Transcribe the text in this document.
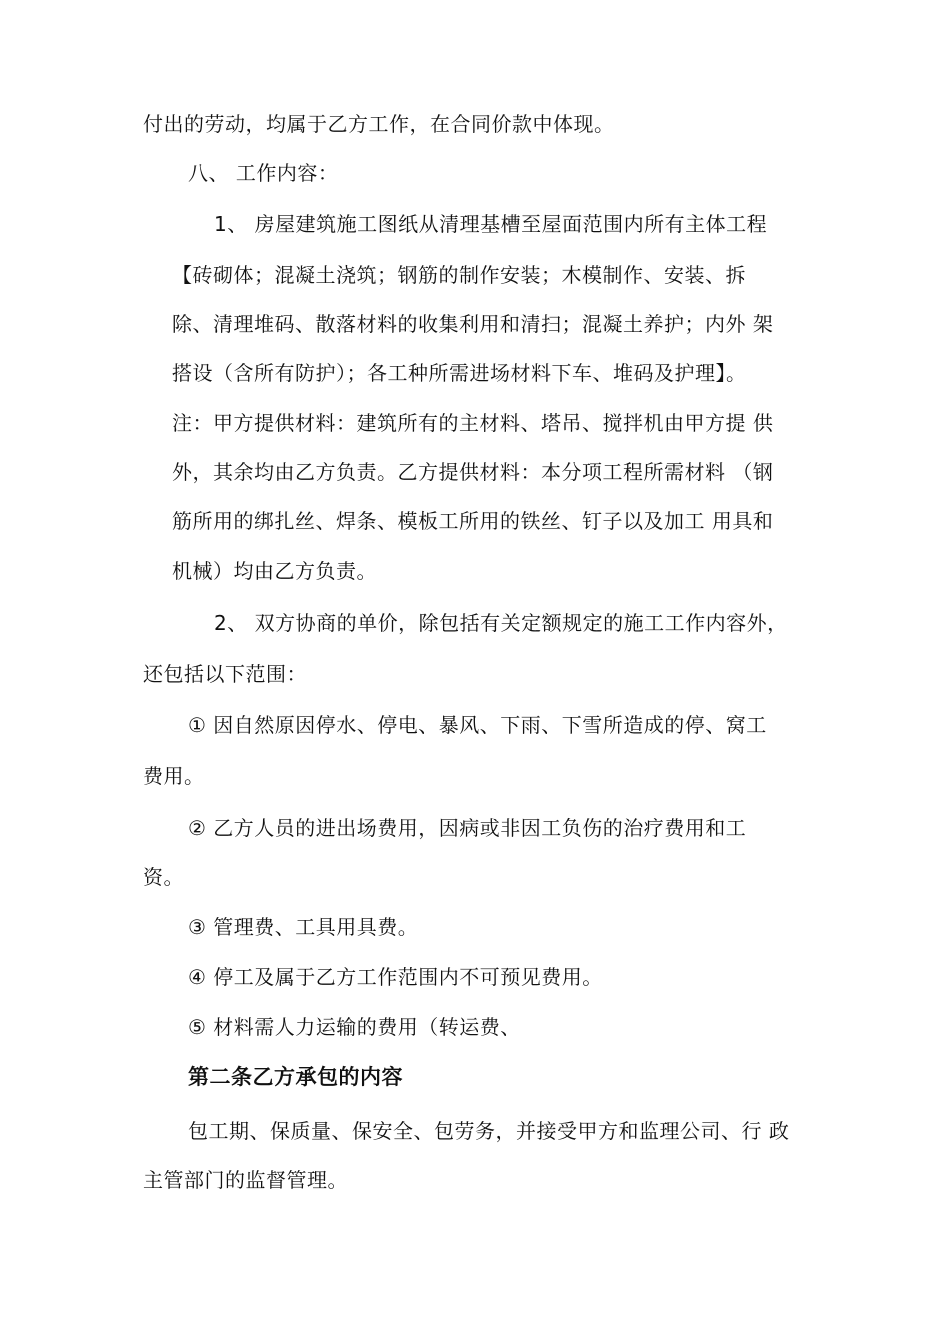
付出的劳动，均属于乙方工作，在合同价款中体现。
八、 工作内容：
1、 房屋建筑施工图纸从清理基槽至屋面范围内所有主体工程
【砖砌体；混凝土浇筑；钢筋的制作安装；木模制作、安装、拆
除、清理堆码、散落材料的收集利用和清扫；混凝土养护；内外 架
搭设（含所有防护）；各工种所需进场材料下车、堆码及护理】。
注：甲方提供材料：建筑所有的主材料、塔吊、搅拌机由甲方提 供
外，其余均由乙方负责。乙方提供材料：本分项工程所需材料 （钢
筋所用的绑扎丝、焊条、模板工所用的铁丝、钉子以及加工 用具和
机械）均由乙方负责。
2、 双方协商的单价，除包括有关定额规定的施工工作内容外，
还包括以下范围：
① 因自然原因停水、停电、暴风、下雨、下雪所造成的停、窝工
费用。
② 乙方人员的进出场费用，因病或非因工负伤的治疗费用和工
资。
③ 管理费、工具用具费。
④ 停工及属于乙方工作范围内不可预见费用。
⑤ 材料需人力运输的费用（转运费、
第二条乙方承包的内容
包工期、保质量、保安全、包劳务，并接受甲方和监理公司、行 政
主管部门的监督管理。
